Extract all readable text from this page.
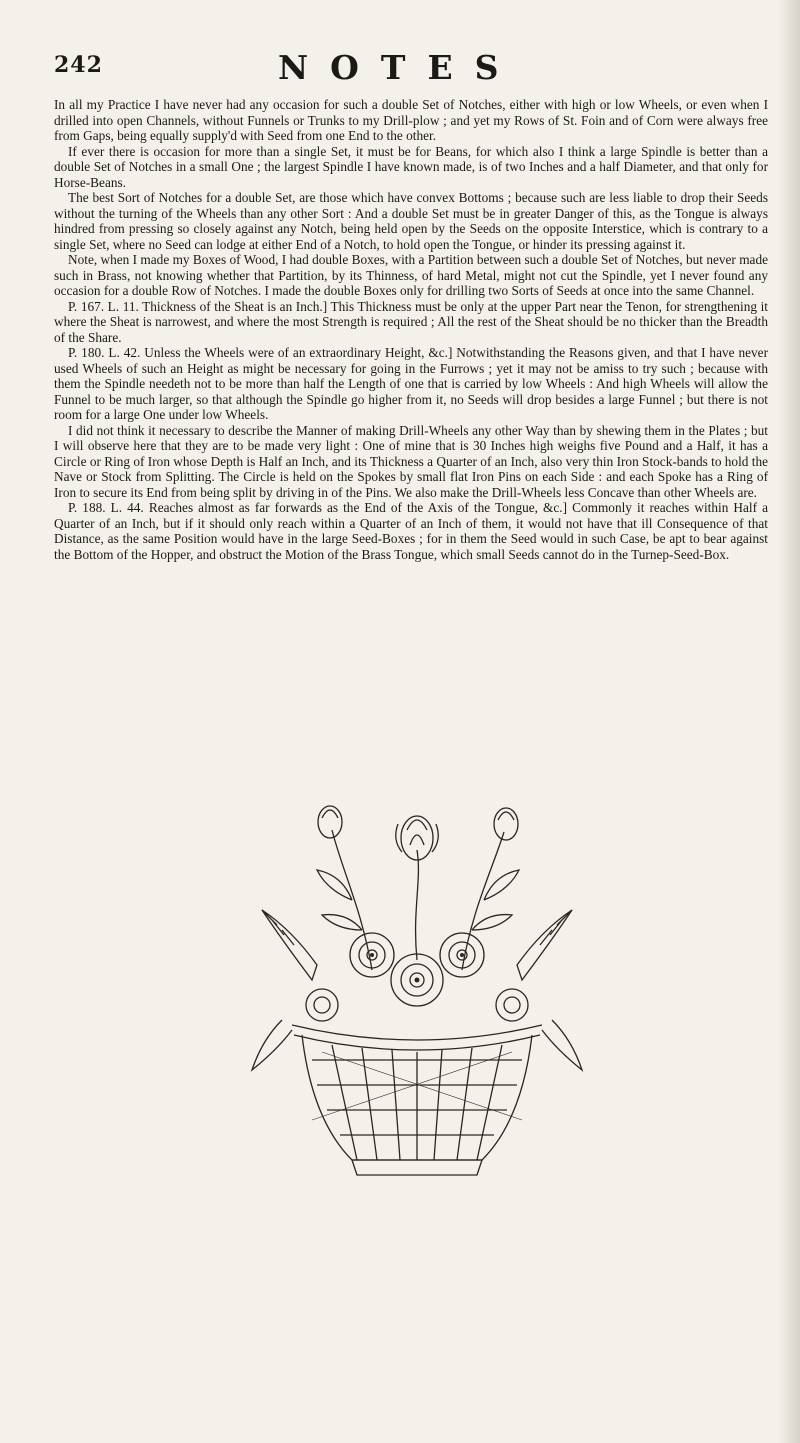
242	NOTES

In all my Practice I have never had any occasion for such a double Set of Notches, either with high or low Wheels, or even when I drilled into open Channels, without Funnels or Trunks to my Drill-plow ; and yet my Rows of St. Foin and of Corn were always free from Gaps, being equally supply'd with Seed from one End to the other.

If ever there is occasion for more than a single Set, it must be for Beans, for which also I think a large Spindle is better than a double Set of Notches in a small One ; the largest Spindle I have known made, is of two Inches and a half Diameter, and that only for Horse-Beans.

The best Sort of Notches for a double Set, are those which have convex Bottoms ; because such are less liable to drop their Seeds without the turning of the Wheels than any other Sort : And a double Set must be in greater Danger of this, as the Tongue is always hindred from pressing so closely against any Notch, being held open by the Seeds on the opposite Interstice, which is contrary to a single Set, where no Seed can lodge at either End of a Notch, to hold open the Tongue, or hinder its pressing against it.

Note, when I made my Boxes of Wood, I had double Boxes, with a Partition between such a double Set of Notches, but never made such in Brass, not knowing whether that Partition, by its Thinness, of hard Metal, might not cut the Spindle, yet I never found any occasion for a double Row of Notches. I made the double Boxes only for drilling two Sorts of Seeds at once into the same Channel.

P. 167. L. 11. Thickness of the Sheat is an Inch.] This Thickness must be only at the upper Part near the Tenon, for strengthening it where the Sheat is narrowest, and where the most Strength is required ; All the rest of the Sheat should be no thicker than the Breadth of the Share.

P. 180. L. 42. Unless the Wheels were of an extraordinary Height, &c.] Notwithstanding the Reasons given, and that I have never used Wheels of such an Height as might be necessary for going in the Furrows ; yet it may not be amiss to try such ; because with them the Spindle needeth not to be more than half the Length of one that is carried by low Wheels : And high Wheels will allow the Funnel to be much larger, so that although the Spindle go higher from it, no Seeds will drop besides a large Funnel ; but there is not room for a large One under low Wheels.

I did not think it necessary to describe the Manner of making Drill-Wheels any other Way than by shewing them in the Plates ; but I will observe here that they are to be made very light : One of mine that is 30 Inches high weighs five Pound and a Half, it has a Circle or Ring of Iron whose Depth is Half an Inch, and its Thickness a Quarter of an Inch, also very thin Iron Stock-bands to hold the Nave or Stock from Splitting. The Circle is held on the Spokes by small flat Iron Pins on each Side : and each Spoke has a Ring of Iron to secure its End from being split by driving in of the Pins. We also make the Drill-Wheels less Concave than other Wheels are.

P. 188. L. 44. Reaches almost as far forwards as the End of the Axis of the Tongue, &c.] Commonly it reaches within Half a Quarter of an Inch, but if it should only reach within a Quarter of an Inch of them, it would not have that ill Consequence of that Distance, as the same Position would have in the large Seed-Boxes ; for in them the Seed would in such Case, be apt to bear against the Bottom of the Hopper, and obstruct the Motion of the Brass Tongue, which small Seeds cannot do in the Turnep-Seed-Box.
